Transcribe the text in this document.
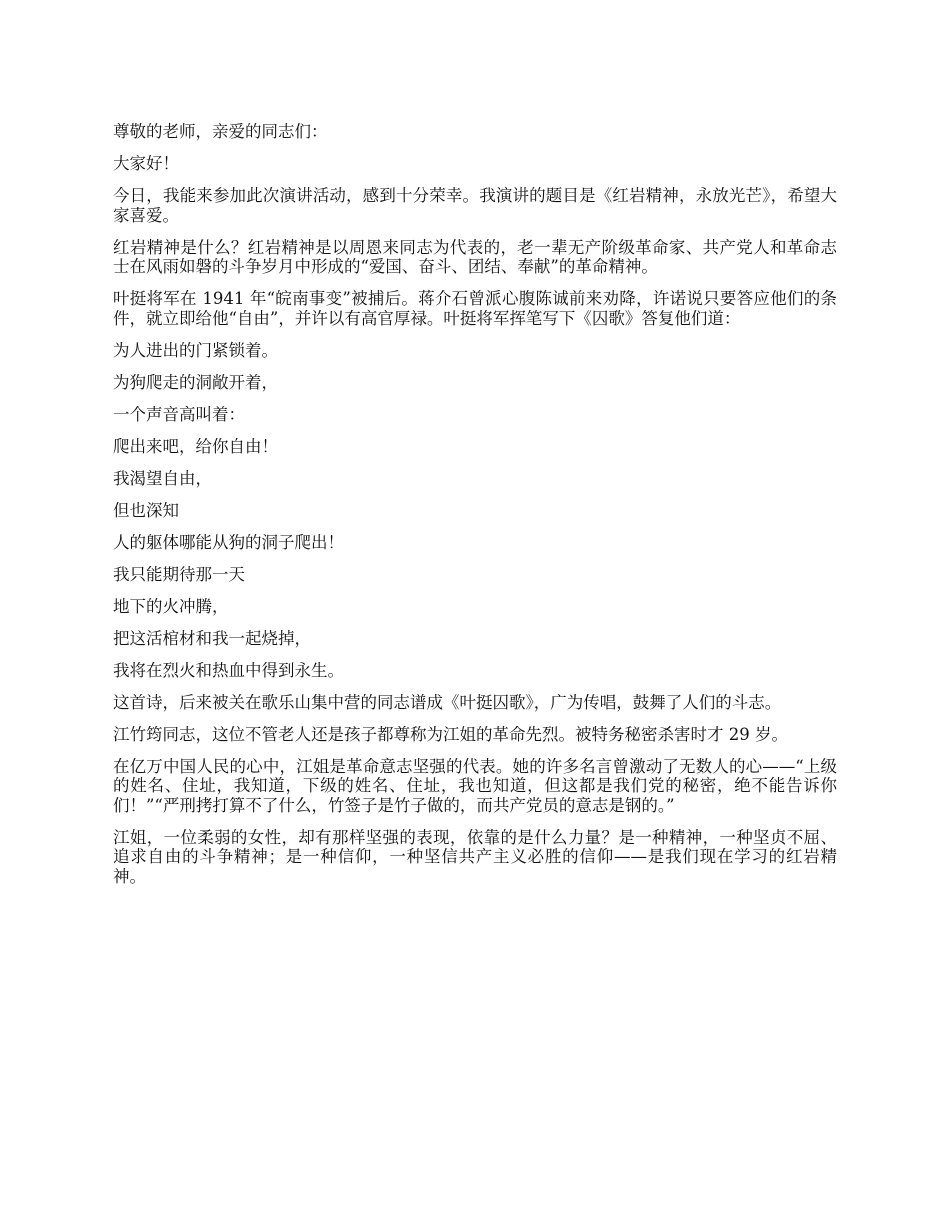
尊敬的老师，亲爱的同志们：

大家好！

今日，我能来参加此次演讲活动，感到十分荣幸。我演讲的题目是《红岩精神，永放光芒》，希望大家喜爱。

红岩精神是什么？红岩精神是以周恩来同志为代表的，老一辈无产阶级革命家、共产党人和革命志士在风雨如磐的斗争岁月中形成的“爱国、奋斗、团结、奉献”的革命精神。

叶挺将军在 1941 年“皖南事变”被捕后。蒋介石曾派心腹陈诚前来劝降，许诺说只要答应他们的条件，就立即给他“自由”，并许以有高官厚禄。叶挺将军挥笔写下《囚歌》答复他们道：

为人进出的门紧锁着。

为狗爬走的洞敞开着，

一个声音高叫着：

爬出来吧，给你自由！

我渴望自由，

但也深知

人的躯体哪能从狗的洞子爬出！

我只能期待那一天

地下的火冲腾，

把这活棺材和我一起烧掉，

我将在烈火和热血中得到永生。

这首诗，后来被关在歌乐山集中营的同志谱成《叶挺囚歌》，广为传唱，鼓舞了人们的斗志。

江竹筠同志，这位不管老人还是孩子都尊称为江姐的革命先烈。被特务秘密杀害时才 29 岁。

在亿万中国人民的心中，江姐是革命意志坚强的代表。她的许多名言曾激动了无数人的心——“上级的姓名、住址，我知道，下级的姓名、住址，我也知道，但这都是我们党的秘密，绝不能告诉你们！”“严刑拷打算不了什么，竹签子是竹子做的，而共产党员的意志是钢的。”

江姐，一位柔弱的女性，却有那样坚强的表现，依靠的是什么力量？是一种精神，一种坚贞不屈、追求自由的斗争精神；是一种信仰，一种坚信共产主义必胜的信仰——是我们现在学习的红岩精神。
